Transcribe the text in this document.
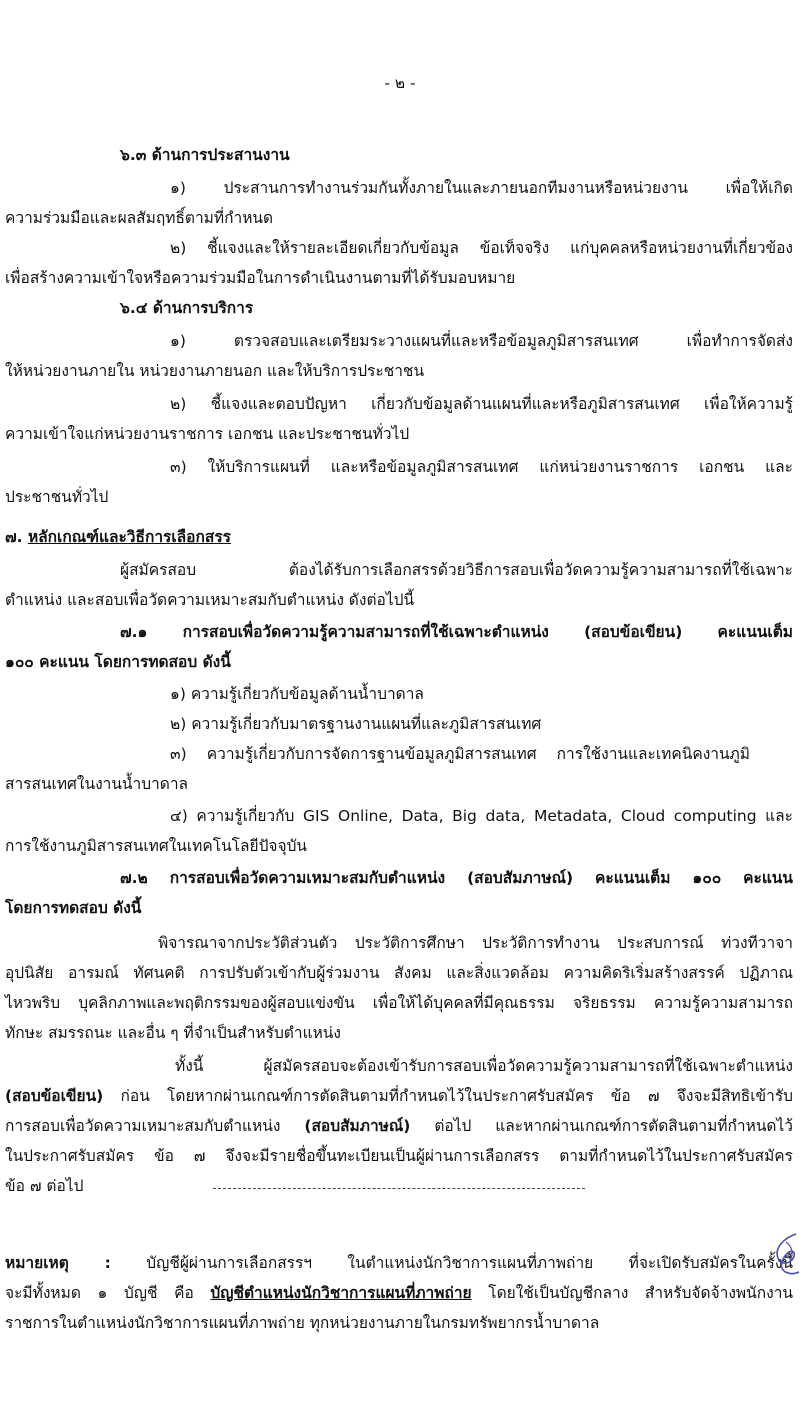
- ๒ -
๖.๓ ด้านการประสานงาน
๑) ประสานการทำงานร่วมกันทั้งภายในและภายนอกทีมงานหรือหน่วยงาน เพื่อให้เกิด
ความร่วมมือและผลสัมฤทธิ์ตามที่กำหนด
๒) ชี้แจงและให้รายละเอียดเกี่ยวกับข้อมูล ข้อเท็จจริง แก่บุคคลหรือหน่วยงานที่เกี่ยวข้อง
เพื่อสร้างความเข้าใจหรือความร่วมมือในการดำเนินงานตามที่ได้รับมอบหมาย
๖.๔ ด้านการบริการ
๑) ตรวจสอบและเตรียมระวางแผนที่และหรือข้อมูลภูมิสารสนเทศ เพื่อทำการจัดส่ง
ให้หน่วยงานภายใน หน่วยงานภายนอก และให้บริการประชาชน
๒) ชี้แจงและตอบปัญหา เกี่ยวกับข้อมูลด้านแผนที่และหรือภูมิสารสนเทศ เพื่อให้ความรู้
ความเข้าใจแก่หน่วยงานราชการ เอกชน และประชาชนทั่วไป
๓) ให้บริการแผนที่ และหรือข้อมูลภูมิสารสนเทศ แก่หน่วยงานราชการ เอกชน และ
ประชาชนทั่วไป
๗. หลักเกณฑ์และวิธีการเลือกสรร
ผู้สมัครสอบ ต้องได้รับการเลือกสรรด้วยวิธีการสอบเพื่อวัดความรู้ความสามารถที่ใช้เฉพาะ
ตำแหน่ง และสอบเพื่อวัดความเหมาะสมกับตำแหน่ง ดังต่อไปนี้
๗.๑ การสอบเพื่อวัดความรู้ความสามารถที่ใช้เฉพาะตำแหน่ง (สอบข้อเขียน) คะแนนเต็ม
๑๐๐ คะแนน โดยการทดสอบ ดังนี้
๑) ความรู้เกี่ยวกับข้อมูลด้านน้ำบาดาล
๒) ความรู้เกี่ยวกับมาตรฐานงานแผนที่และภูมิสารสนเทศ
๓) ความรู้เกี่ยวกับการจัดการฐานข้อมูลภูมิสารสนเทศ การใช้งานและเทคนิคงานภูมิ
สารสนเทศในงานน้ำบาดาล
๔) ความรู้เกี่ยวกับ GIS Online, Data, Big data, Metadata, Cloud computing และ
การใช้งานภูมิสารสนเทศในเทคโนโลยีปัจจุบัน
๗.๒ การสอบเพื่อวัดความเหมาะสมกับตำแหน่ง (สอบสัมภาษณ์) คะแนนเต็ม ๑๐๐ คะแนน
โดยการทดสอบ ดังนี้
พิจารณาจากประวัติส่วนตัว ประวัติการศึกษา ประวัติการทำงาน ประสบการณ์ ท่วงทีวาจา
อุปนิสัย อารมณ์ ทัศนคติ การปรับตัวเข้ากับผู้ร่วมงาน สังคม และสิ่งแวดล้อม ความคิดริเริ่มสร้างสรรค์ ปฏิภาณ
ไหวพริบ บุคลิกภาพและพฤติกรรมของผู้สอบแข่งขัน เพื่อให้ได้บุคคลที่มีคุณธรรม จริยธรรม ความรู้ความสามารถ
ทักษะ สมรรถนะ และอื่น ๆ ที่จำเป็นสำหรับตำแหน่ง
ทั้งนี้ ผู้สมัครสอบจะต้องเข้ารับการสอบเพื่อวัดความรู้ความสามารถที่ใช้เฉพาะตำแหน่ง
(สอบข้อเขียน) ก่อน โดยหากผ่านเกณฑ์การตัดสินตามที่กำหนดไว้ในประกาศรับสมัคร ข้อ ๗ จึงจะมีสิทธิเข้ารับ
การสอบเพื่อวัดความเหมาะสมกับตำแหน่ง (สอบสัมภาษณ์) ต่อไป และหากผ่านเกณฑ์การตัดสินตามที่กำหนดไว้
ในประกาศรับสมัคร ข้อ ๗ จึงจะมีรายชื่อขึ้นทะเบียนเป็นผู้ผ่านการเลือกสรร ตามที่กำหนดไว้ในประกาศรับสมัคร
ข้อ ๗ ต่อไป
หมายเหตุ : บัญชีผู้ผ่านการเลือกสรรฯ ในตำแหน่งนักวิชาการแผนที่ภาพถ่าย ที่จะเปิดรับสมัครในครั้งนี้
จะมีทั้งหมด ๑ บัญชี คือ บัญชีตำแหน่งนักวิชาการแผนที่ภาพถ่าย โดยใช้เป็นบัญชีกลาง สำหรับจัดจ้างพนักงาน
ราชการในตำแหน่งนักวิชาการแผนที่ภาพถ่าย ทุกหน่วยงานภายในกรมทรัพยากรน้ำบาดาล
